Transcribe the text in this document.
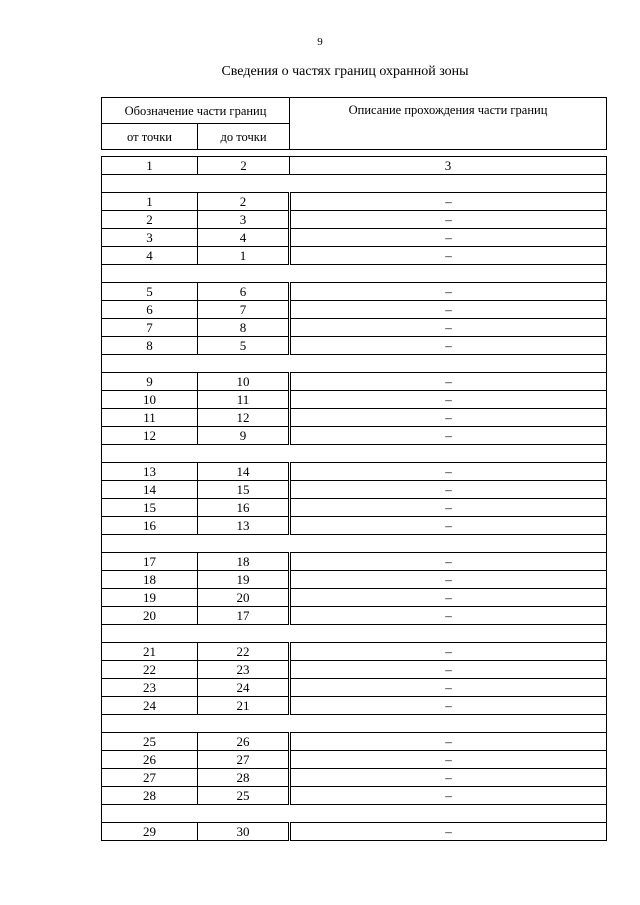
9
Сведения о частях границ охранной зоны
Обозначение части границ		Описание прохождения части границ
от точки	до точки	

1	2	3

1	2	–
2	3	–
3	4	–
4	1	–

5	6	–
6	7	–
7	8	–
8	5	–

9	10	–
10	11	–
11	12	–
12	9	–

13	14	–
14	15	–
15	16	–
16	13	–

17	18	–
18	19	–
19	20	–
20	17	–

21	22	–
22	23	–
23	24	–
24	21	–

25	26	–
26	27	–
27	28	–
28	25	–

29	30	–
